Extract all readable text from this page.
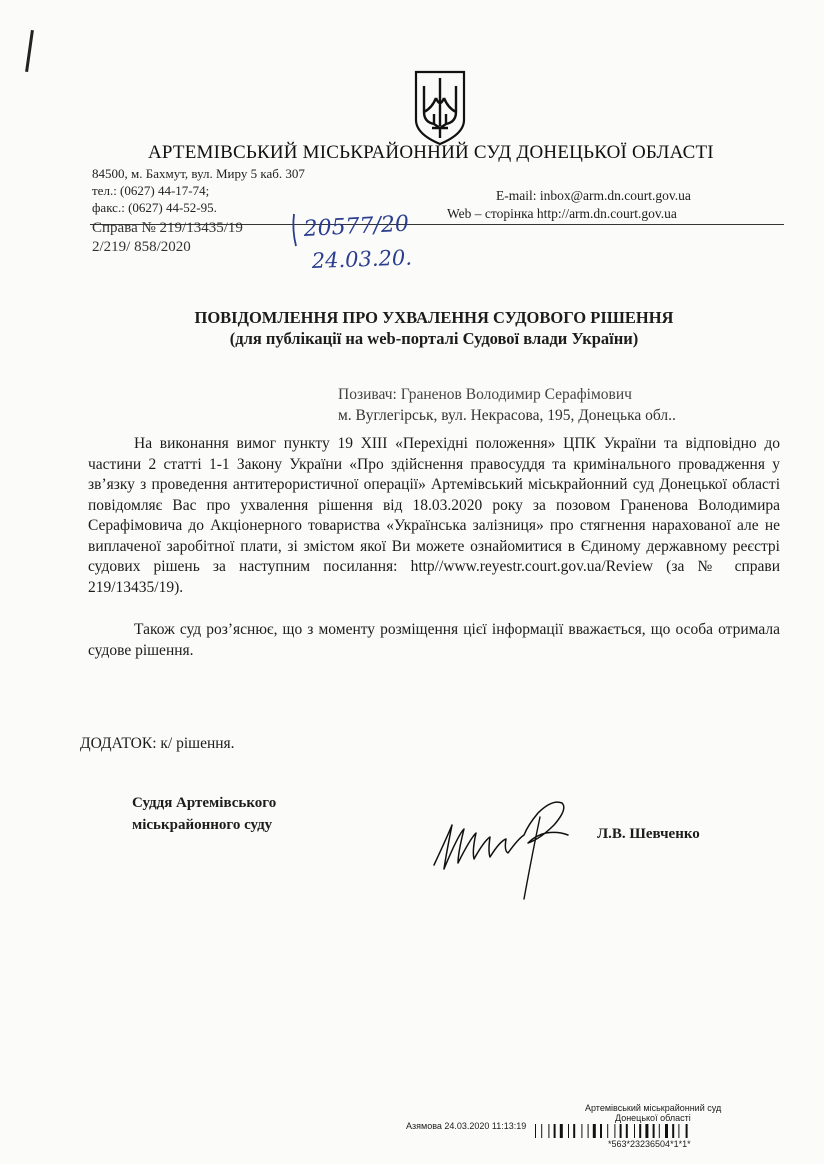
АРТЕМІВСЬКИЙ МІСЬКРАЙОННИЙ СУД ДОНЕЦЬКОЇ ОБЛАСТІ
84500, м. Бахмут, вул. Миру 5 каб. 307
тел.: (0627) 44-17-74;
факс.: (0627) 44-52-95.
E-mail: inbox@arm.dn.court.gov.ua
Web – сторінка http://arm.dn.court.gov.ua
Справа № 219/13435/19
2/219/ 858/2020
20577/20
24.03.20.
ПОВІДОМЛЕННЯ ПРО УХВАЛЕННЯ СУДОВОГО РІШЕННЯ
(для публікації на web-порталі Судової влади України)
Позивач: Граненов Володимир Серафімович
м. Вуглегірськ, вул. Некрасова, 195, Донецька обл..

На виконання вимог пункту 19 ХІІІ «Перехідні положення» ЦПК України та відповідно до частини 2 статті 1-1 Закону України «Про здійснення правосуддя та кримінального провадження у зв’язку з проведення антитерористичної операції» Артемівський міськрайонний суд Донецької області повідомляє Вас про ухвалення рішення від 18.03.2020 року за позовом Граненова Володимира Серафімовича до Акціонерного товариства «Українська залізниця» про стягнення нарахованої але не виплаченої заробітної плати, зі змістом якої Ви можете ознайомитися в Єдиному державному реєстрі судових рішень за наступним посилання: http//www.reyestr.court.gov.ua/Review (за № справи 219/13435/19).

Також суд роз’яснює, що з моменту розміщення цієї інформації вважається, що особа отримала судове рішення.

ДОДАТОК: к/ рішення.
Суддя Артемівського
міськрайонного суду
Л.В. Шевченко
Артемівський міськрайонний суд
Донецької області
Азямова 24.03.2020 11:13:19
*563*23236504*1*1*
